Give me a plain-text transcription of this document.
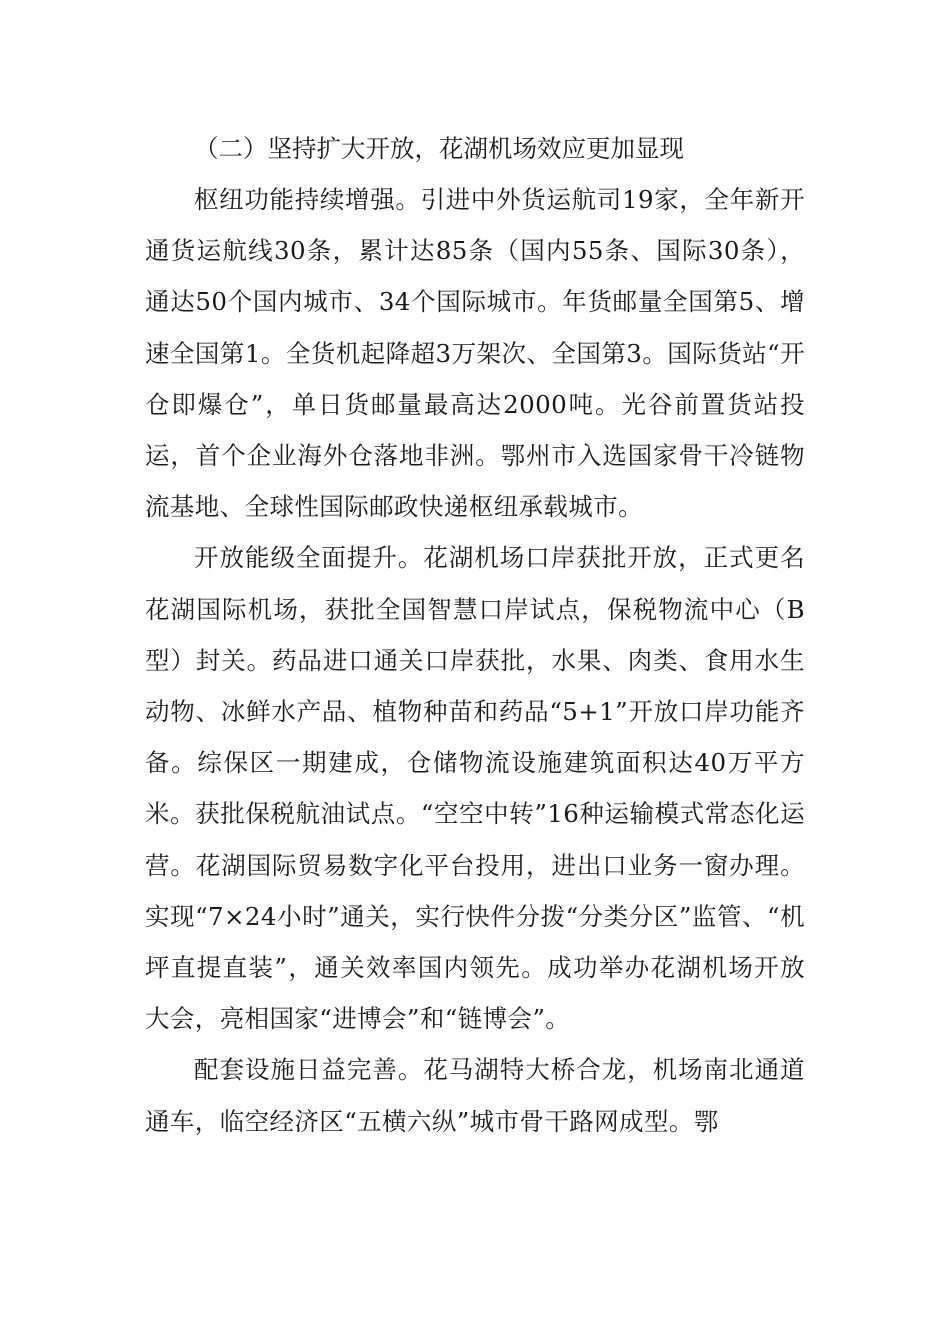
（二）坚持扩大开放，花湖机场效应更加显现

枢纽功能持续增强。引进中外货运航司19家，全年新开通货运航线30条，累计达85条（国内55条、国际30条），通达50个国内城市、34个国际城市。年货邮量全国第5、增速全国第1。全货机起降超3万架次、全国第3。国际货站“开仓即爆仓”，单日货邮量最高达2000吨。光谷前置货站投运，首个企业海外仓落地非洲。鄂州市入选国家骨干冷链物流基地、全球性国际邮政快递枢纽承载城市。

开放能级全面提升。花湖机场口岸获批开放，正式更名花湖国际机场，获批全国智慧口岸试点，保税物流中心（B型）封关。药品进口通关口岸获批，水果、肉类、食用水生动物、冰鲜水产品、植物种苗和药品“5+1”开放口岸功能齐备。综保区一期建成，仓储物流设施建筑面积达40万平方米。获批保税航油试点。“空空中转”16种运输模式常态化运营。花湖国际贸易数字化平台投用，进出口业务一窗办理。实现“7×24小时”通关，实行快件分拨“分类分区”监管、“机坪直提直装”，通关效率国内领先。成功举办花湖机场开放大会，亮相国家“进博会”和“链博会”。

配套设施日益完善。花马湖特大桥合龙，机场南北通道通车，临空经济区“五横六纵”城市骨干路网成型。鄂
